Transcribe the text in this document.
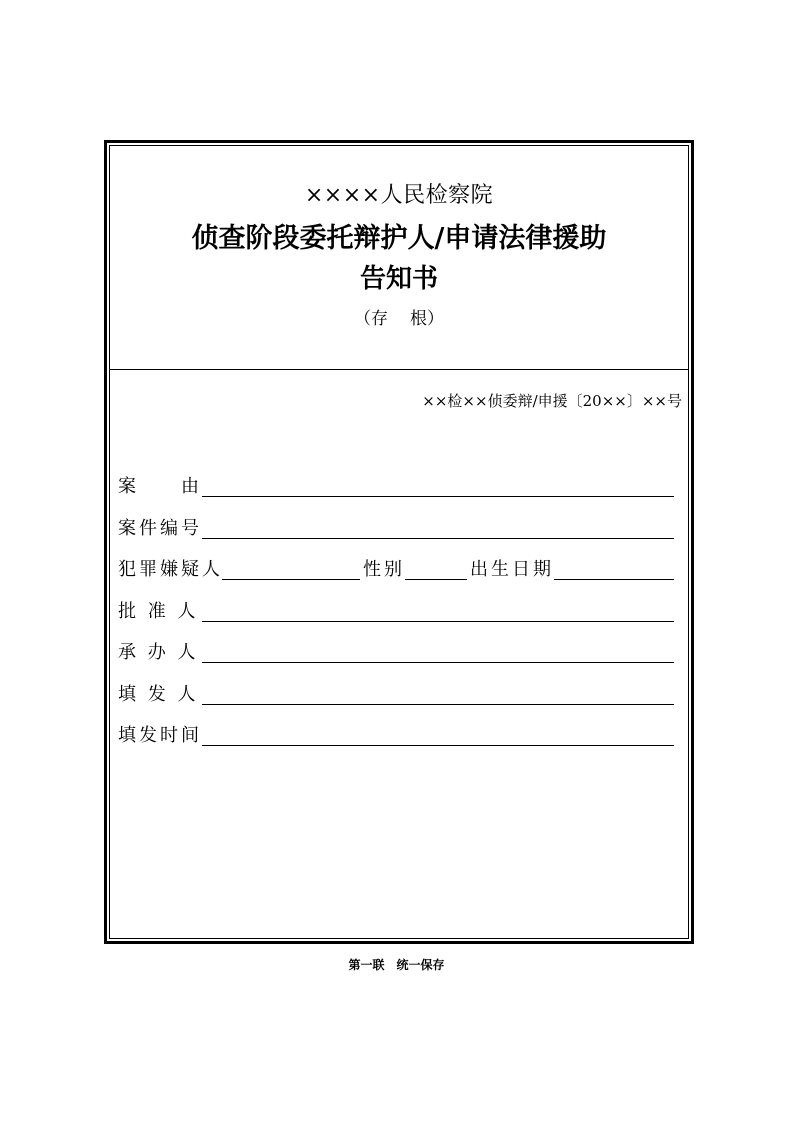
××××人民检察院
侦查阶段委托辩护人/申请法律援助
告知书
（存 根）
××检××侦委辩/申援〔20××〕××号
案　　由
案件编号
犯罪嫌疑人	性别	出生日期
批 准 人
承 办 人
填 发 人
填发时间
第一联　统一保存
